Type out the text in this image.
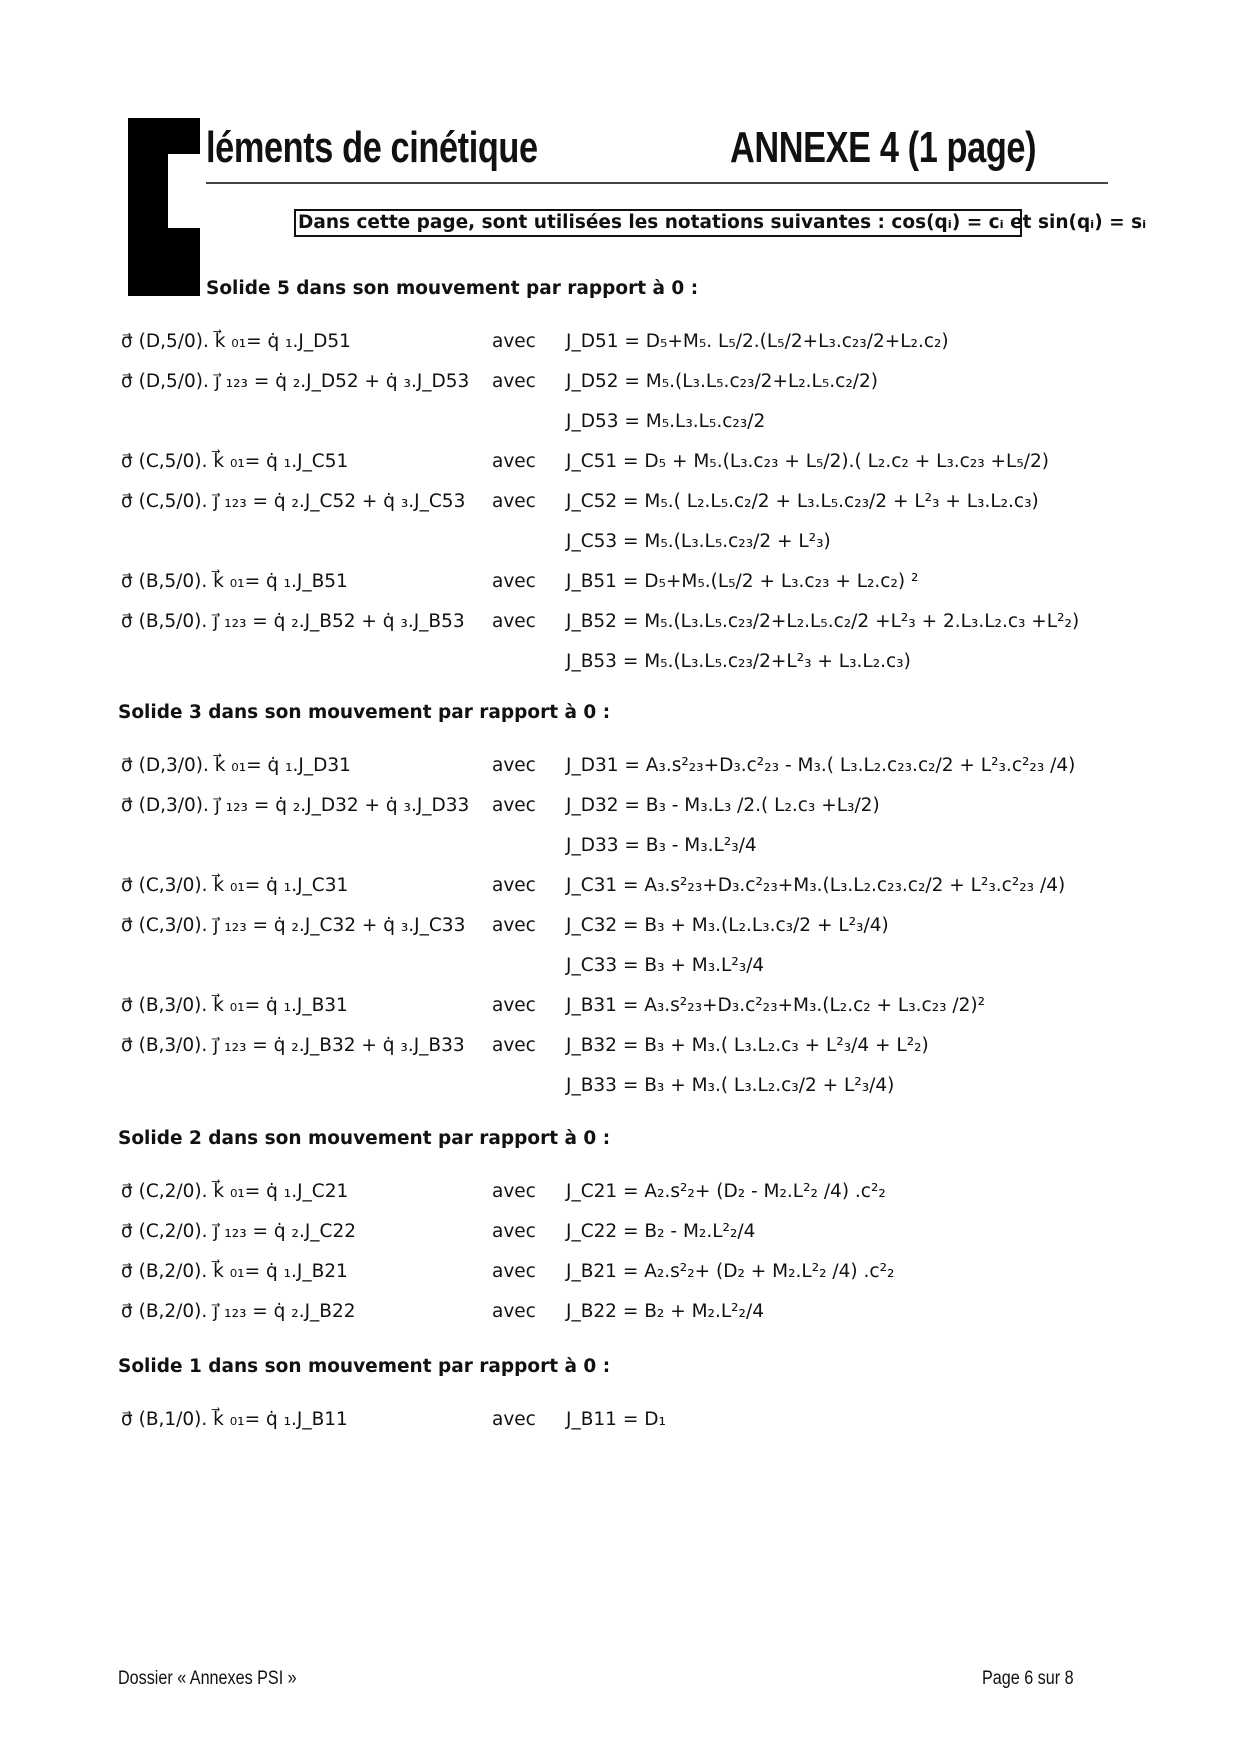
léments de cinétique	ANNEXE 4 (1 page)
Dans cette page, sont utilisées les notations suivantes : cos(qᵢ) = cᵢ et sin(qᵢ) = sᵢ
Solide 5 dans son mouvement par rapport à 0 :
σ⃗ (D,5/0). k⃗ ₀₁= q̇ ₁.J_D51	avec J_D51 = D₅+M₅. L₅/2.(L₅/2+L₃.c₂₃/2+L₂.c₂)
σ⃗ (D,5/0). j⃗ ₁₂₃ = q̇ ₂.J_D52 + q̇ ₃.J_D53 avec J_D52 = M₅.(L₃.L₅.c₂₃/2+L₂.L₅.c₂/2)
J_D53 = M₅.L₃.L₅.c₂₃/2
σ⃗ (C,5/0). k⃗ ₀₁= q̇ ₁.J_C51	avec J_C51 = D₅ + M₅.(L₃.c₂₃ + L₅/2).( L₂.c₂ + L₃.c₂₃ +L₅/2)
σ⃗ (C,5/0). j⃗ ₁₂₃ = q̇ ₂.J_C52 + q̇ ₃.J_C53 avec J_C52 = M₅.( L₂.L₅.c₂/2 + L₃.L₅.c₂₃/2 + L²₃ + L₃.L₂.c₃)
J_C53 = M₅.(L₃.L₅.c₂₃/2 + L²₃)
σ⃗ (B,5/0). k⃗ ₀₁= q̇ ₁.J_B51	avec J_B51 = D₅+M₅.(L₅/2 + L₃.c₂₃ + L₂.c₂) ²
σ⃗ (B,5/0). j⃗ ₁₂₃ = q̇ ₂.J_B52 + q̇ ₃.J_B53 avec J_B52 = M₅.(L₃.L₅.c₂₃/2+L₂.L₅.c₂/2 +L²₃ + 2.L₃.L₂.c₃ +L²₂)
J_B53 = M₅.(L₃.L₅.c₂₃/2+L²₃ + L₃.L₂.c₃)
Solide 3 dans son mouvement par rapport à 0 :
σ⃗ (D,3/0). k⃗ ₀₁= q̇ ₁.J_D31	avec J_D31 = A₃.s²₂₃+D₃.c²₂₃ - M₃.( L₃.L₂.c₂₃.c₂/2 + L²₃.c²₂₃ /4)
σ⃗ (D,3/0). j⃗ ₁₂₃ = q̇ ₂.J_D32 + q̇ ₃.J_D33 avec J_D32 = B₃ - M₃.L₃ /2.( L₂.c₃ +L₃/2)
J_D33 = B₃ - M₃.L²₃/4
σ⃗ (C,3/0). k⃗ ₀₁= q̇ ₁.J_C31	avec J_C31 = A₃.s²₂₃+D₃.c²₂₃+M₃.(L₃.L₂.c₂₃.c₂/2 + L²₃.c²₂₃ /4)
σ⃗ (C,3/0). j⃗ ₁₂₃ = q̇ ₂.J_C32 + q̇ ₃.J_C33 avec J_C32 = B₃ + M₃.(L₂.L₃.c₃/2 + L²₃/4)
J_C33 = B₃ + M₃.L²₃/4
σ⃗ (B,3/0). k⃗ ₀₁= q̇ ₁.J_B31	avec J_B31 = A₃.s²₂₃+D₃.c²₂₃+M₃.(L₂.c₂ + L₃.c₂₃ /2)²
σ⃗ (B,3/0). j⃗ ₁₂₃ = q̇ ₂.J_B32 + q̇ ₃.J_B33 avec J_B32 = B₃ + M₃.( L₃.L₂.c₃ + L²₃/4 + L²₂)
J_B33 = B₃ + M₃.( L₃.L₂.c₃/2 + L²₃/4)
Solide 2 dans son mouvement par rapport à 0 :
σ⃗ (C,2/0). k⃗ ₀₁= q̇ ₁.J_C21	avec J_C21 = A₂.s²₂+ (D₂ - M₂.L²₂ /4) .c²₂
σ⃗ (C,2/0). j⃗ ₁₂₃ = q̇ ₂.J_C22	avec J_C22 = B₂ - M₂.L²₂/4
σ⃗ (B,2/0). k⃗ ₀₁= q̇ ₁.J_B21	avec J_B21 = A₂.s²₂+ (D₂ + M₂.L²₂ /4) .c²₂
σ⃗ (B,2/0). j⃗ ₁₂₃ = q̇ ₂.J_B22	avec J_B22 = B₂ + M₂.L²₂/4
Solide 1 dans son mouvement par rapport à 0 :
σ⃗ (B,1/0). k⃗ ₀₁= q̇ ₁.J_B11	avec J_B11 = D₁
Dossier « Annexes PSI »	Page 6 sur 8
